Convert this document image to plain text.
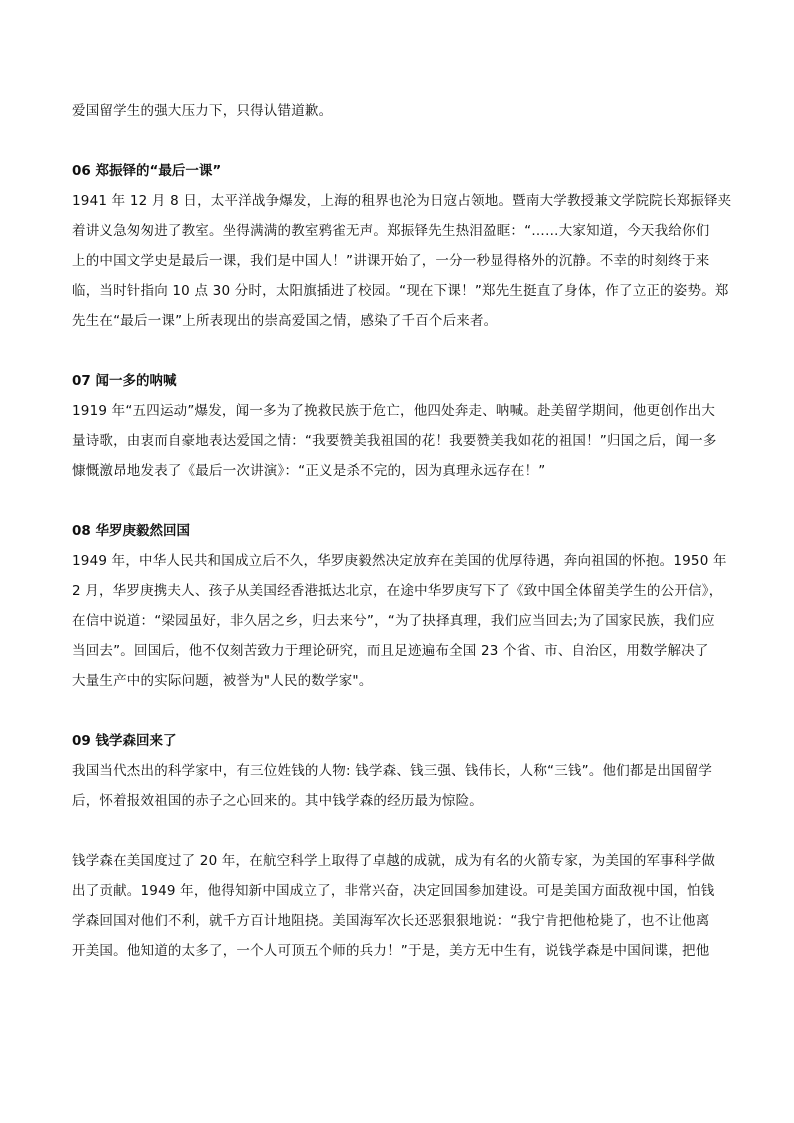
爱国留学生的强大压力下，只得认错道歉。
06 郑振铎的“最后一课”
1941 年 12 月 8 日，太平洋战争爆发，上海的租界也沦为日寇占领地。暨南大学教授兼文学院院长郑振铎夹
着讲义急匆匆进了教室。坐得满满的教室鸦雀无声。郑振铎先生热泪盈眶：“……大家知道，今天我给你们
上的中国文学史是最后一课，我们是中国人！”讲课开始了，一分一秒显得格外的沉静。不幸的时刻终于来
临，当时针指向 10 点 30 分时，太阳旗插进了校园。“现在下课！”郑先生挺直了身体，作了立正的姿势。郑
先生在“最后一课”上所表现出的崇高爱国之情，感染了千百个后来者。
07 闻一多的呐喊
1919 年“五四运动”爆发，闻一多为了挽救民族于危亡，他四处奔走、呐喊。赴美留学期间，他更创作出大
量诗歌，由衷而自豪地表达爱国之情：“我要赞美我祖国的花！我要赞美我如花的祖国！”归国之后，闻一多
慷慨激昂地发表了《最后一次讲演》：“正义是杀不完的，因为真理永远存在！”
08 华罗庚毅然回国
1949 年，中华人民共和国成立后不久，华罗庚毅然决定放弃在美国的优厚待遇，奔向祖国的怀抱。1950 年
2 月，华罗庚携夫人、孩子从美国经香港抵达北京，在途中华罗庚写下了《致中国全体留美学生的公开信》，
在信中说道：“梁园虽好，非久居之乡，归去来兮”，“为了抉择真理，我们应当回去;为了国家民族，我们应
当回去”。回国后，他不仅刻苦致力于理论研究，而且足迹遍布全国 23 个省、市、自治区，用数学解决了
大量生产中的实际问题，被誉为"人民的数学家"。
09 钱学森回来了
我国当代杰出的科学家中，有三位姓钱的人物: 钱学森、钱三强、钱伟长，人称“三钱”。他们都是出国留学
后，怀着报效祖国的赤子之心回来的。其中钱学森的经历最为惊险。
钱学森在美国度过了 20 年，在航空科学上取得了卓越的成就，成为有名的火箭专家，为美国的军事科学做
出了贡献。1949 年，他得知新中国成立了，非常兴奋，决定回国参加建设。可是美国方面敌视中国，怕钱
学森回国对他们不利，就千方百计地阻挠。美国海军次长还恶狠狠地说：“我宁肯把他枪毙了，也不让他离
开美国。他知道的太多了，一个人可顶五个师的兵力！”于是，美方无中生有，说钱学森是中国间谍，把他
